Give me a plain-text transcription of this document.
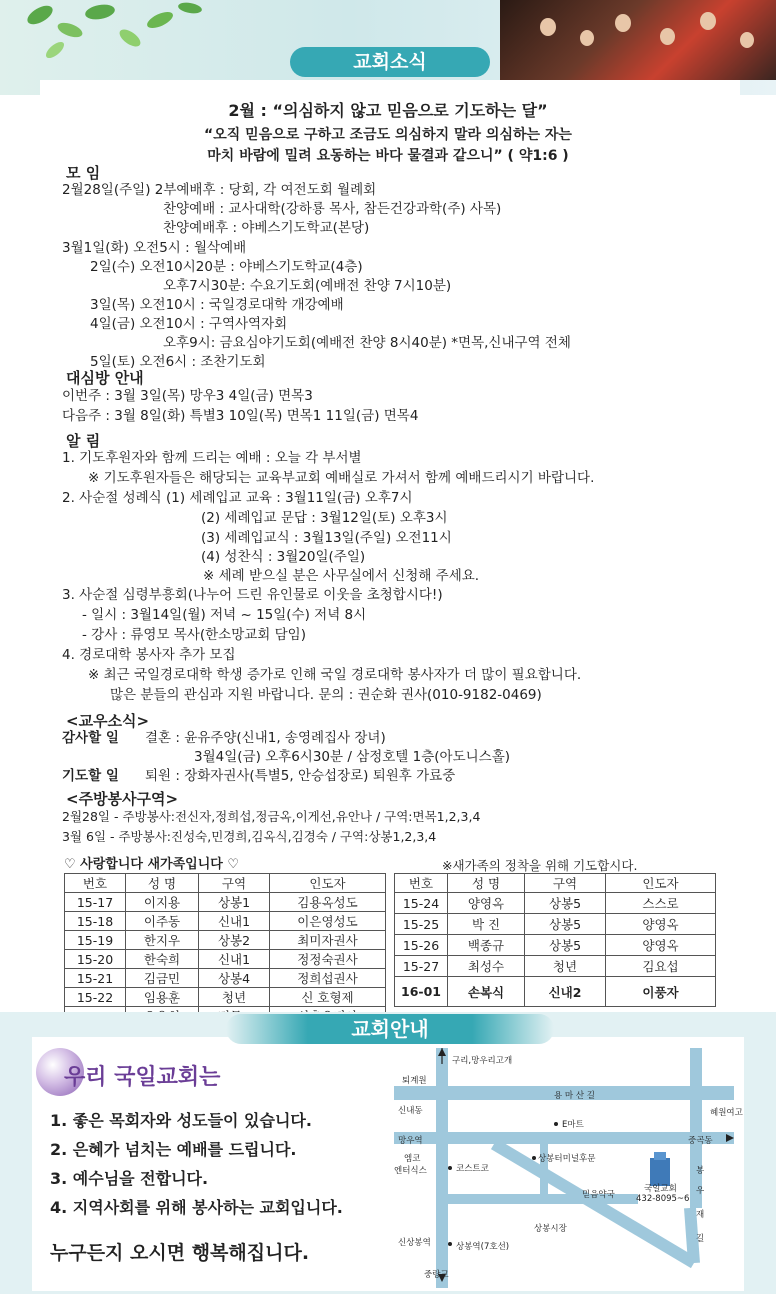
교회소식
2월 : “의심하지 않고 믿음으로 기도하는 달”
“오직 믿음으로 구하고 조금도 의심하지 말라 의심하는 자는
마치 바람에 밀려 요동하는 바다 물결과 같으니” ( 약1:6 )
모 임
2월28일(주일) 2부예배후 : 당회, 각 여전도회 월례회
찬양예배 : 교사대학(강하룡 목사, 참든건강과학(주) 사목)
찬양예배후 : 야베스기도학교(본당)
3월1일(화) 오전5시 : 월삭예배
2일(수) 오전10시20분 : 야베스기도학교(4층)
오후7시30분: 수요기도회(예배전 찬양 7시10분)
3일(목) 오전10시 : 국일경로대학 개강예배
4일(금) 오전10시 : 구역사역자회
오후9시: 금요심야기도회(예배전 찬양 8시40분) *면목,신내구역 전체
5일(토) 오전6시 : 조찬기도회
대심방 안내
이번주 : 3월 3일(목) 망우3 4일(금) 면목3
다음주 : 3월 8일(화) 특별3 10일(목) 면목1 11일(금) 면목4
알 림
1. 기도후원자와 함께 드리는 예배 : 오늘 각 부서별
※ 기도후원자들은 해당되는 교육부교회 예배실로 가셔서 함께 예배드리시기 바랍니다.
2. 사순절 성례식 (1) 세례입교 교육 : 3월11일(금) 오후7시
(2) 세례입교 문답 : 3월12일(토) 오후3시
(3) 세례입교식 : 3월13일(주일) 오전11시
(4) 성찬식 : 3월20일(주일)
※ 세례 받으실 분은 사무실에서 신청해 주세요.
3. 사순절 심령부흥회(나누어 드린 유인물로 이웃을 초청합시다!)
- 일시 : 3월14일(월) 저녁 ~ 15일(수) 저녁 8시
- 강사 : 류영모 목사(한소망교회 담임)
4. 경로대학 봉사자 추가 모집
※ 최근 국일경로대학 학생 증가로 인해 국일 경로대학 봉사자가 더 많이 필요합니다.
많은 분들의 관심과 지원 바랍니다. 문의 : 권순화 권사(010-9182-0469)
<교우소식>
감사할 일 결혼 : 윤유주양(신내1, 송영례집사 장녀)
3월4일(금) 오후6시30분 / 삼정호텔 1층(아도니스홀)
기도할 일 퇴원 : 장화자권사(특별5, 안승섭장로) 퇴원후 가료중
<주방봉사구역>
2월28일 - 주방봉사:전신자,정희섭,정금옥,이게선,유안나 / 구역:면목1,2,3,4
3월 6일 - 주방봉사:진성숙,민경희,김옥식,김경숙 / 구역:상봉1,2,3,4
♡ 사랑합니다 새가족입니다 ♡	※새가족의 정착을 위해 기도합시다.
번호	성 명	구역	인도자
15-17	이지용	상봉1	김용옥성도
15-18	이주동	신내1	이은영성도
15-19	한지우	상봉2	최미자권사
15-20	한숙희	신내1	정정숙권사
15-21	김금민	상봉4	정희섭권사
15-22	임용훈	청년	신 호형제

번호	성 명	구역	인도자
15-24	양영옥	상봉5	스스로
15-25	박 진	상봉5	양영옥
15-26	백종규	상봉5	양영옥
15-27	최성수	청년	김요섭
16-01	손복식	신내2	이풍자
교회안내
우리 국일교회는
1. 좋은 목회자와 성도들이 있습니다.
2. 은혜가 넘치는 예배를 드립니다.
3. 예수님을 전합니다.
4. 지역사회를 위해 봉사하는 교회입니다.
누구든지 오시면 행복해집니다.
구리,망우리고개
퇴계원
용 마 산 길
신내동
E마트
혜원여고
망우역	중곡동
상봉터미널후문
엠코
엔터식스	코스트코
국일교회
432-8095~6
믿음약국
봉
우
재
길
상봉시장
신상봉역	상봉역(7호선)
중랑교
